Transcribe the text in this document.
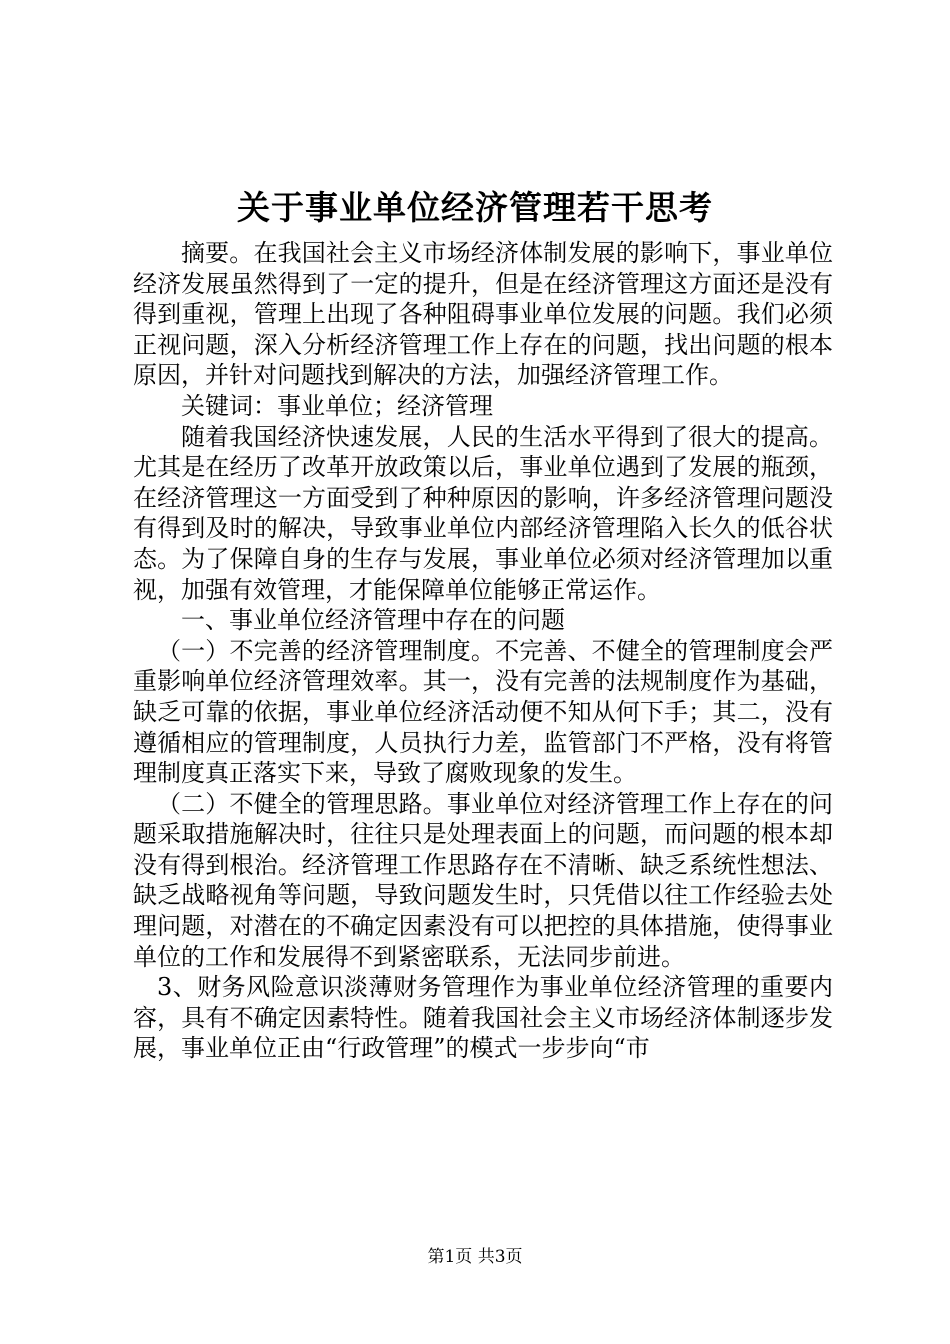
关于事业单位经济管理若干思考

摘要。在我国社会主义市场经济体制发展的影响下，事业单位经济发展虽然得到了一定的提升，但是在经济管理这方面还是没有得到重视，管理上出现了各种阻碍事业单位发展的问题。我们必须正视问题，深入分析经济管理工作上存在的问题，找出问题的根本原因，并针对问题找到解决的方法，加强经济管理工作。

关键词：事业单位；经济管理

随着我国经济快速发展，人民的生活水平得到了很大的提高。尤其是在经历了改革开放政策以后，事业单位遇到了发展的瓶颈，在经济管理这一方面受到了种种原因的影响，许多经济管理问题没有得到及时的解决，导致事业单位内部经济管理陷入长久的低谷状态。为了保障自身的生存与发展，事业单位必须对经济管理加以重视，加强有效管理，才能保障单位能够正常运作。

一、事业单位经济管理中存在的问题

（一）不完善的经济管理制度。不完善、不健全的管理制度会严重影响单位经济管理效率。其一，没有完善的法规制度作为基础，缺乏可靠的依据，事业单位经济活动便不知从何下手；其二，没有遵循相应的管理制度，人员执行力差，监管部门不严格，没有将管理制度真正落实下来，导致了腐败现象的发生。

（二）不健全的管理思路。事业单位对经济管理工作上存在的问题采取措施解决时，往往只是处理表面上的问题，而问题的根本却没有得到根治。经济管理工作思路存在不清晰、缺乏系统性想法、缺乏战略视角等问题，导致问题发生时，只凭借以往工作经验去处理问题，对潜在的不确定因素没有可以把控的具体措施，使得事业单位的工作和发展得不到紧密联系，无法同步前进。

3、财务风险意识淡薄财务管理作为事业单位经济管理的重要内容，具有不确定因素特性。随着我国社会主义市场经济体制逐步发展，事业单位正由“行政管理”的模式一步步向“市

第1页 共3页
